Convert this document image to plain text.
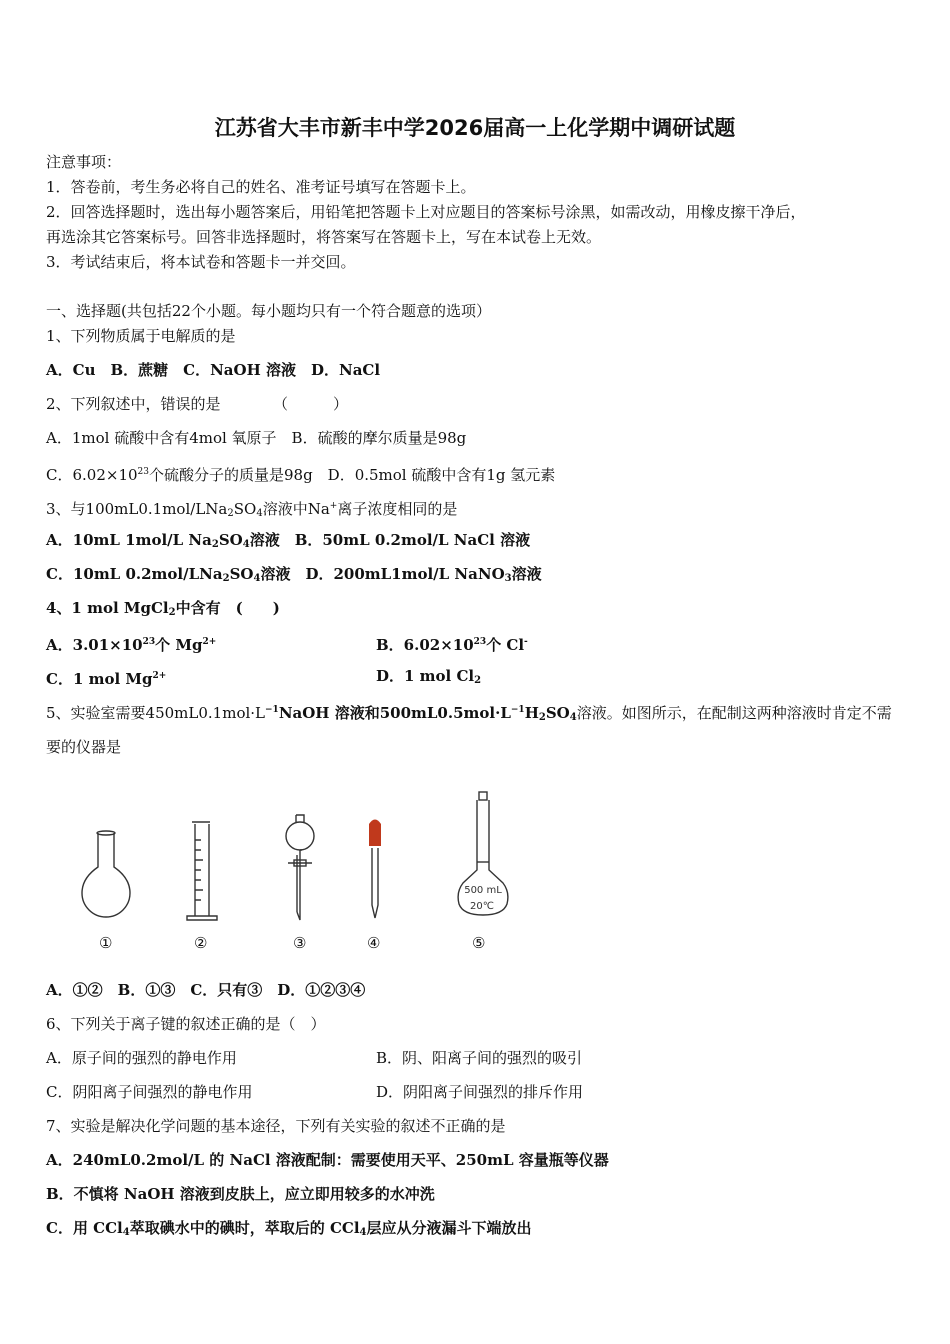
江苏省大丰市新丰中学2026届高一上化学期中调研试题
注意事项：
1．答卷前，考生务必将自己的姓名、准考证号填写在答题卡上。
2．回答选择题时，选出每小题答案后，用铅笔把答题卡上对应题目的答案标号涂黑，如需改动，用橡皮擦干净后，
再选涂其它答案标号。回答非选择题时，将答案写在答题卡上，写在本试卷上无效。
3．考试结束后，将本试卷和答题卡一并交回。
一、选择题(共包括22个小题。每小题均只有一个符合题意的选项）
1、下列物质属于电解质的是
A．Cu　B．蔗糖　C．NaOH 溶液　D．NaCl
2、下列叙述中，错误的是　　　　（　　　）
A．1mol 硫酸中含有4mol 氧原子　B．硫酸的摩尔质量是98g
C．$6.02\times 10^{23}$个硫酸分子的质量是98g　D．0.5mol 硫酸中含有1g 氢元素
3、与$100mL0.1mol/LNa_2SO_4$溶液中Na+离子浓度相同的是
A．10mL 1mol/L $Na_2SO_4$溶液　B．50mL 0.2mol/L NaCl 溶液
C．10mL $0.2mol/LNa_2SO_4$溶液　D．200mL1mol/L NaNO$_3$溶液
4、1 mol MgCl$_2$中含有　(　　)
A．$3.01\times 10^{23}$个 $Mg^{2+}$	B．$6.02\times 10^{23}$个 Cl-
C．1 mol $Mg^{2+}$	D．1 mol $Cl_2$
5、实验室需要$450mL0.1mol\cdot L^{-1}NaOH$ 溶液和$500mL0.5mol\cdot L^{-1}H_2SO_4$溶液。如图所示，在配制这两种溶液时肯定不需
要的仪器是
500 mL
20℃
①	②	③	④	⑤
A．①②　B．①③　C．只有③　D．①②③④
6、下列关于离子键的叙述正确的是（　）
A．原子间的强烈的静电作用	B．阴、阳离子间的强烈的吸引
C．阴阳离子间强烈的静电作用	D．阴阳离子间强烈的排斥作用
7、实验是解决化学问题的基本途径，下列有关实验的叙述不正确的是
A．240mL0.2mol/L 的 NaCl 溶液配制：需要使用天平、250mL 容量瓶等仪器
B．不慎将 NaOH 溶液到皮肤上，应立即用较多的水冲洗
C．用 CCl$_4$萃取碘水中的碘时，萃取后的 CCl$_4$层应从分液漏斗下端放出
